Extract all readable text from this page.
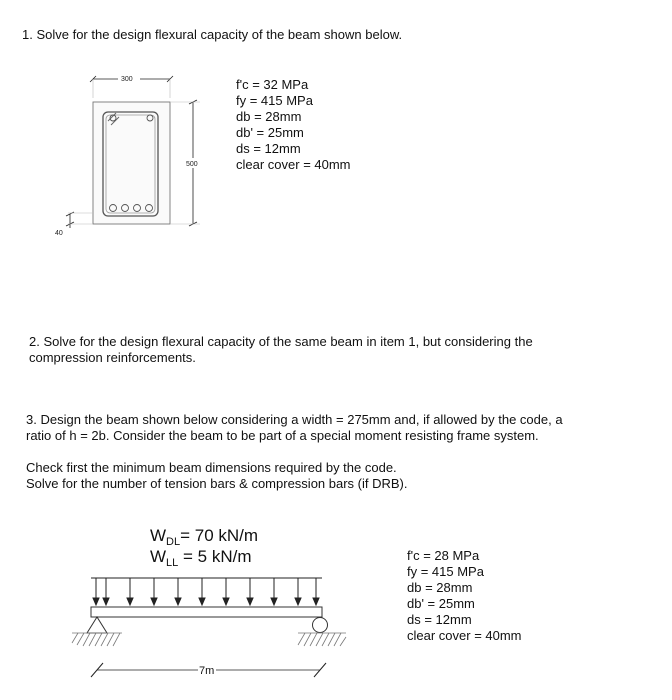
1. Solve for the design flexural capacity of the beam shown below.
300
500
40
7m
f'c = 32 MPa
fy = 415 MPa
db = 28mm
db' = 25mm
ds = 12mm
clear cover = 40mm
2. Solve for the design flexural capacity of the same beam in item 1, but considering the
compression reinforcements.
3. Design the beam shown below considering a width = 275mm and, if allowed by the code, a
ratio of h = 2b. Consider the beam to be part of a special moment resisting frame system.
Check first the minimum beam dimensions required by the code.
Solve for the number of tension bars & compression bars (if DRB).
$W_{DL}= 70$ kN/m
$W_{LL} = 5$ kN/m	f'c = 28 MPa
fy = 415 MPa
db = 28mm
db' = 25mm
ds = 12mm
clear cover = 40mm
